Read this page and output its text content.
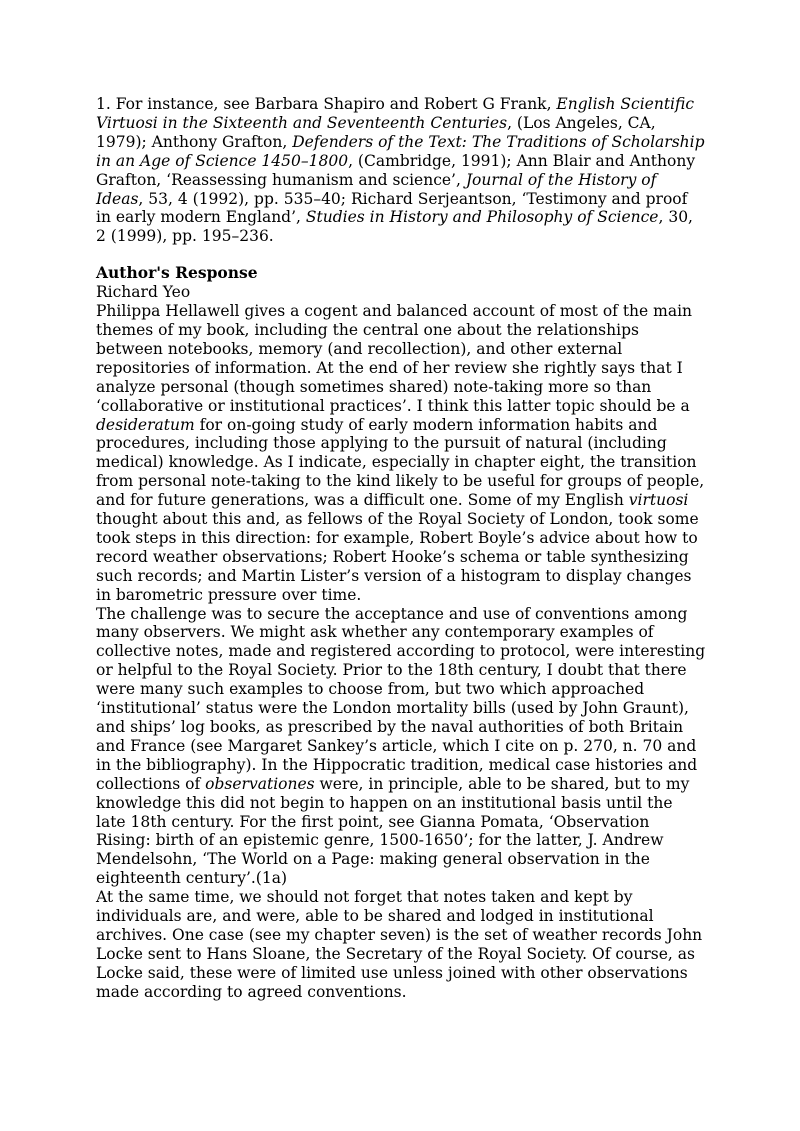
1. For instance, see Barbara Shapiro and Robert G Frank, English Scientific Virtuosi in the Sixteenth and Seventeenth Centuries, (Los Angeles, CA, 1979); Anthony Grafton, Defenders of the Text: The Traditions of Scholarship in an Age of Science 1450–1800, (Cambridge, 1991); Ann Blair and Anthony Grafton, ‘Reassessing humanism and science’, Journal of the History of Ideas, 53, 4 (1992), pp. 535–40; Richard Serjeantson, ‘Testimony and proof in early modern England’, Studies in History and Philosophy of Science, 30, 2 (1999), pp. 195–236.

Author's Response

Richard Yeo

Philippa Hellawell gives a cogent and balanced account of most of the main themes of my book, including the central one about the relationships between notebooks, memory (and recollection), and other external repositories of information. At the end of her review she rightly says that I analyze personal (though sometimes shared) note-taking more so than ‘collaborative or institutional practices’. I think this latter topic should be a desideratum for on-going study of early modern information habits and procedures, including those applying to the pursuit of natural (including medical) knowledge. As I indicate, especially in chapter eight, the transition from personal note-taking to the kind likely to be useful for groups of people, and for future generations, was a difficult one. Some of my English virtuosi thought about this and, as fellows of the Royal Society of London, took some took steps in this direction: for example, Robert Boyle’s advice about how to record weather observations; Robert Hooke’s schema or table synthesizing such records; and Martin Lister’s version of a histogram to display changes in barometric pressure over time.

The challenge was to secure the acceptance and use of conventions among many observers. We might ask whether any contemporary examples of collective notes, made and registered according to protocol, were interesting or helpful to the Royal Society. Prior to the 18th century, I doubt that there were many such examples to choose from, but two which approached ‘institutional’ status were the London mortality bills (used by John Graunt), and ships’ log books, as prescribed by the naval authorities of both Britain and France (see Margaret Sankey’s article, which I cite on p. 270, n. 70 and in the bibliography). In the Hippocratic tradition, medical case histories and collections of observationes were, in principle, able to be shared, but to my knowledge this did not begin to happen on an institutional basis until the late 18th century. For the first point, see Gianna Pomata, ‘Observation Rising: birth of an epistemic genre, 1500-1650’; for the latter, J. Andrew Mendelsohn, ‘The World on a Page: making general observation in the eighteenth century’.(1a)

At the same time, we should not forget that notes taken and kept by individuals are, and were, able to be shared and lodged in institutional archives. One case (see my chapter seven) is the set of weather records John Locke sent to Hans Sloane, the Secretary of the Royal Society. Of course, as Locke said, these were of limited use unless joined with other observations made according to agreed conventions.
